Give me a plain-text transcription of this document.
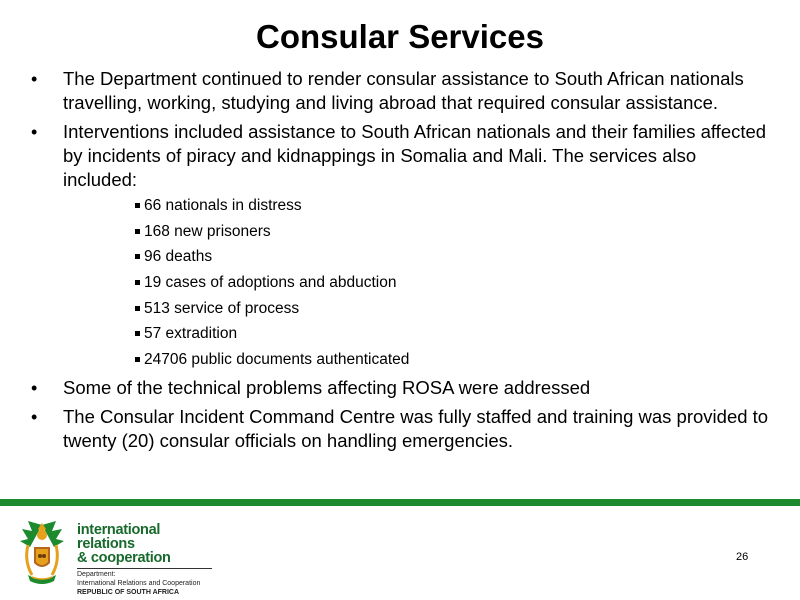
Consular Services
• The Department continued to render consular assistance to South African nationals travelling, working, studying and living abroad that required consular assistance.
• Interventions included assistance to South African nationals and their families affected by incidents of piracy and kidnappings in Somalia and Mali. The services also included:
66 nationals in distress
168 new prisoners
96 deaths
19 cases of adoptions and abduction
513 service of process
57 extradition
24706 public documents authenticated
• Some of the technical problems affecting ROSA were addressed
• The Consular Incident Command Centre was fully staffed and training was provided to twenty (20) consular officials on handling emergencies.
international relations
& cooperation
Department:
International Relations and Cooperation
REPUBLIC OF SOUTH AFRICA
26
